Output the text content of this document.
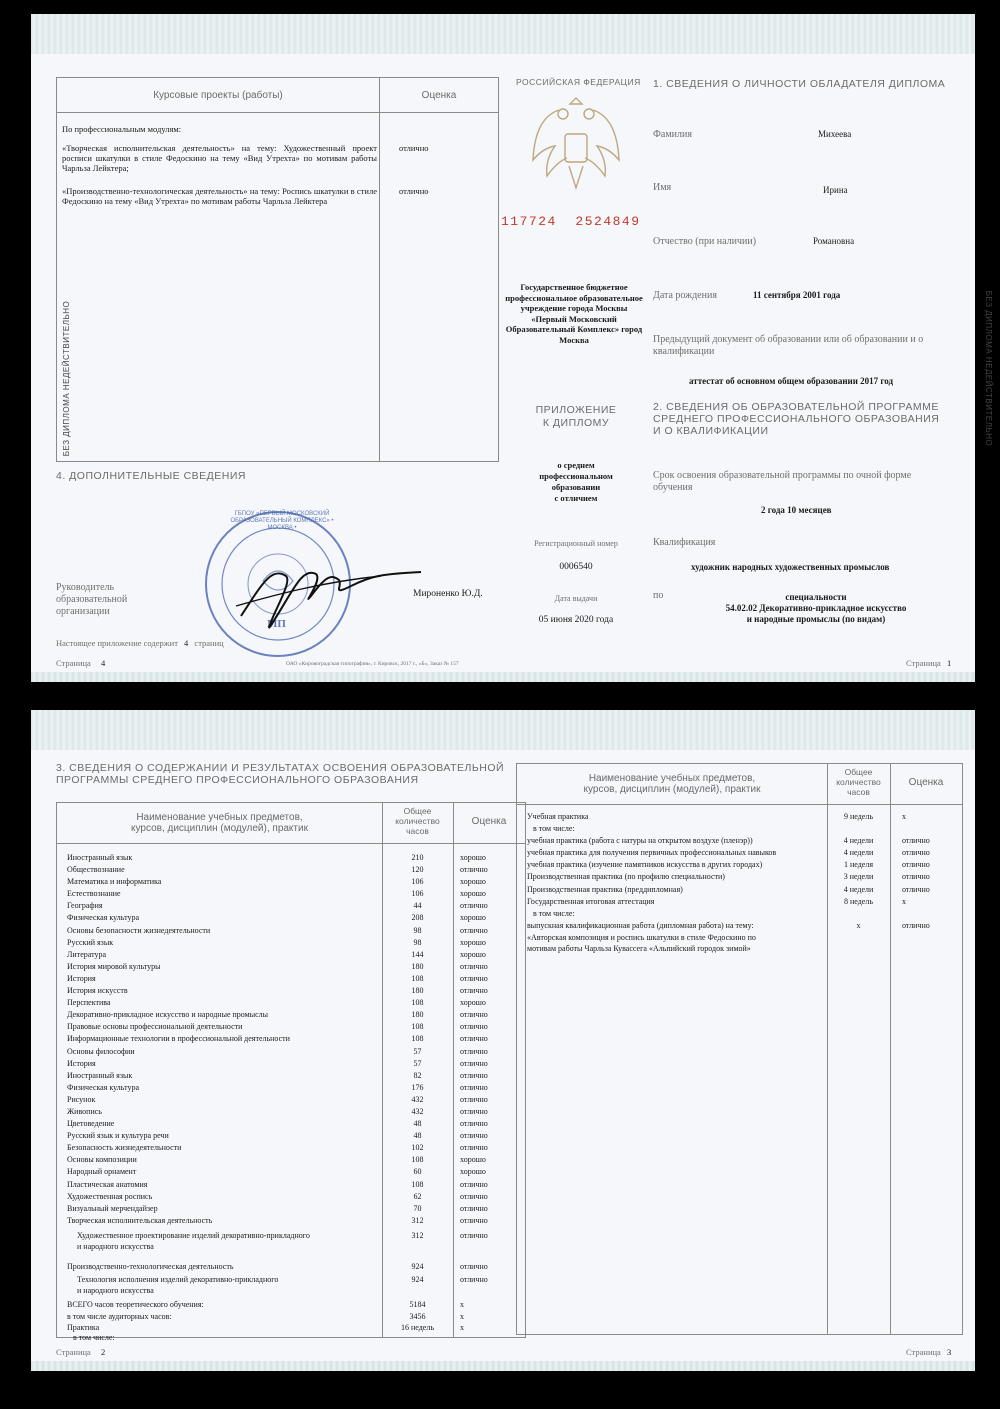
БЕЗ ДИПЛОМА НЕДЕЙСТВИТЕЛЬНО	БЕЗ ДИПЛОМА НЕДЕЙСТВИТЕЛЬНО
Курсовые проекты (работы)	Оценка
По профессиональным модулям:
«Творческая исполнительская деятельность» на тему: Художественный проект росписи шкатулки в стиле Федоскино на тему «Вид Утрехта» по мотивам работы Чарльза Лейктера;
отлично
«Производственно-технологическая деятельность» на тему: Роспись шкатулки в стиле Федоскино на тему «Вид Утрехта» по мотивам работы Чарльза Лейктера
отлично
4. ДОПОЛНИТЕЛЬНЫЕ СВЕДЕНИЯ
ГБПОУ «ПЕРВЫЙ МОСКОВСКИЙ ОБРАЗОВАТЕЛЬНЫЙ КОМПЛЕКС» • МОСКВА •
МП
Руководитель
образовательной
организации
Мироненко Ю.Д.
Настоящее приложение содержит 4 страниц
Страница 4	ОАО «Кировоградская типография», г. Кировск, 2017 г., «Б», Заказ № 157	Страница 1
РОССИЙСКАЯ ФЕДЕРАЦИЯ
117724  2524849
Государственное бюджетное профессиональное образовательное учреждение города Москвы «Первый Московский Образовательный Комплекс» город Москва
ПРИЛОЖЕНИЕ
К ДИПЛОМУ
о среднем
профессиональном
образовании
с отличием
Регистрационный номер
0006540
Дата выдачи
05 июня 2020 года
1. СВЕДЕНИЯ О ЛИЧНОСТИ ОБЛАДАТЕЛЯ ДИПЛОМА
Фамилия	Михеева
Имя	Ирина
Отчество (при наличии)	Романовна
Дата рождения	11 сентября 2001 года
Предыдущий документ об образовании или об образовании и о квалификации
аттестат об основном общем образовании 2017 год
2. СВЕДЕНИЯ ОБ ОБРАЗОВАТЕЛЬНОЙ ПРОГРАММЕ
СРЕДНЕГО ПРОФЕССИОНАЛЬНОГО ОБРАЗОВАНИЯ
И О КВАЛИФИКАЦИИ
Срок освоения образовательной программы по очной форме обучения
2 года 10 месяцев
Квалификация
художник народных художественных промыслов
по	специальности
54.02.02 Декоративно-прикладное искусство
и народные промыслы (по видам)
3. СВЕДЕНИЯ О СОДЕРЖАНИИ И РЕЗУЛЬТАТАХ ОСВОЕНИЯ ОБРАЗОВАТЕЛЬНОЙ
ПРОГРАММЫ СРЕДНЕГО ПРОФЕССИОНАЛЬНОГО ОБРАЗОВАНИЯ
Наименование учебных предметов,
курсов, дисциплин (модулей), практик
Общее
количество
часов
Оценка
Иностранный язык	210	хорошо
Обществознание	120	отлично
Математика и информатика	106	хорошо
Естествознание	106	хорошо
География	44	отлично
Физическая культура	208	хорошо
Основы безопасности жизнедеятельности	98	отлично
Русский язык	98	хорошо
Литература	144	хорошо
История мировой культуры	180	отлично
История	108	отлично
История искусств	180	отлично
Перспектива	108	хорошо
Декоративно-прикладное искусство и народные промыслы	180	отлично
Правовые основы профессиональной деятельности	108	отлично
Информационные технологии в профессиональной деятельности	108	отлично
Основы философии	57	отлично
История	57	отлично
Иностранный язык	82	отлично
Физическая культура	176	отлично
Рисунок	432	отлично
Живопись	432	отлично
Цветоведение	48	отлично
Русский язык и культура речи	48	отлично
Безопасность жизнедеятельности	102	отлично
Основы композиции	108	хорошо
Народный орнамент	60	хорошо
Пластическая анатомия	108	отлично
Художественная роспись	62	отлично
Визуальный мерчендайзер	70	отлично
Творческая исполнительская деятельность	312	отлично
Художественное проектирование изделий декоративно-прикладного
и народного искусства
312	отлично
Производственно-технологическая деятельность	924	отлично
Технология исполнения изделий декоративно-прикладного
и народного искусства
924	отлично
ВСЕГО часов теоретического обучения:	5184	x
в том числе аудиторных часов:	3456	x
Практика	16 недель	x
в том числе:
Страница 2
Наименование учебных предметов,
курсов, дисциплин (модулей), практик
Общее
количество
часов
Оценка
Учебная практика	9 недель	x
в том числе:
учебная практика (работа с натуры на открытом воздухе (пленэр))	4 недели	отлично
учебная практика для получения первичных профессиональных навыков	4 недели	отлично
учебная практика (изучение памятников искусства в других городах)	1 неделя	отлично
Производственная практика (по профилю специальности)	3 недели	отлично
Производственная практика (преддипломная)	4 недели	отлично
Государственная итоговая аттестация	8 недель	x
в том числе:
выпускная квалификационная работа (дипломная работа) на тему:
«Авторская композиция и роспись шкатулки в стиле Федоскино по
мотивам работы Чарльза Кувассега «Альпийский городок зимой»
x	отлично
Страница 3
